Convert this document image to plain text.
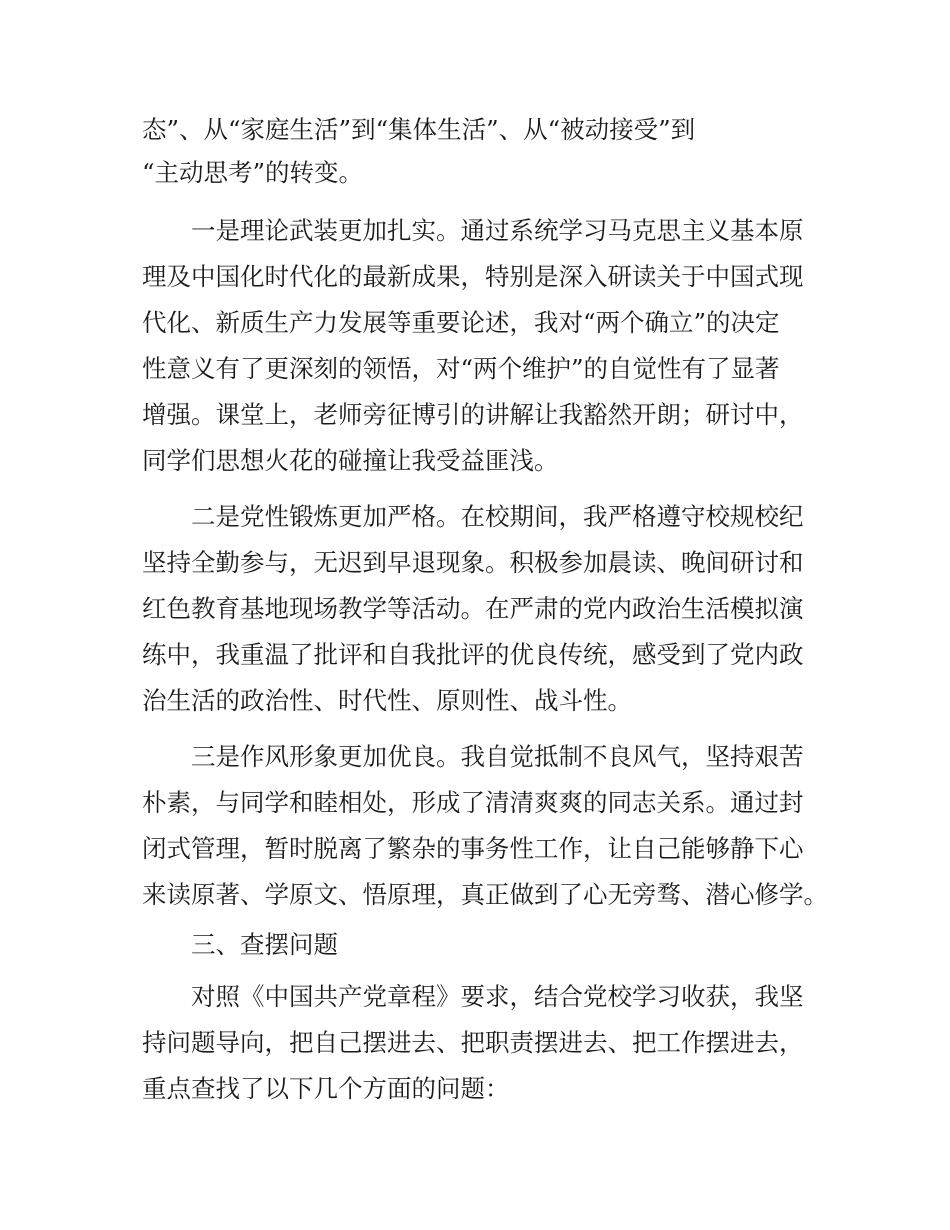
态”、从“家庭生活”到“集体生活”、从“被动接受”到
“主动思考”的转变。
一是理论武装更加扎实。通过系统学习马克思主义基本原
理及中国化时代化的最新成果，特别是深入研读关于中国式现
代化、新质生产力发展等重要论述，我对“两个确立”的决定
性意义有了更深刻的领悟，对“两个维护”的自觉性有了显著
增强。课堂上，老师旁征博引的讲解让我豁然开朗；研讨中，
同学们思想火花的碰撞让我受益匪浅。
二是党性锻炼更加严格。在校期间，我严格遵守校规校纪
坚持全勤参与，无迟到早退现象。积极参加晨读、晚间研讨和
红色教育基地现场教学等活动。在严肃的党内政治生活模拟演
练中，我重温了批评和自我批评的优良传统，感受到了党内政
治生活的政治性、时代性、原则性、战斗性。
三是作风形象更加优良。我自觉抵制不良风气，坚持艰苦
朴素，与同学和睦相处，形成了清清爽爽的同志关系。通过封
闭式管理，暂时脱离了繁杂的事务性工作，让自己能够静下心
来读原著、学原文、悟原理，真正做到了心无旁骛、潜心修学。
三、查摆问题
对照《中国共产党章程》要求，结合党校学习收获，我坚
持问题导向，把自己摆进去、把职责摆进去、把工作摆进去，
重点查找了以下几个方面的问题：
